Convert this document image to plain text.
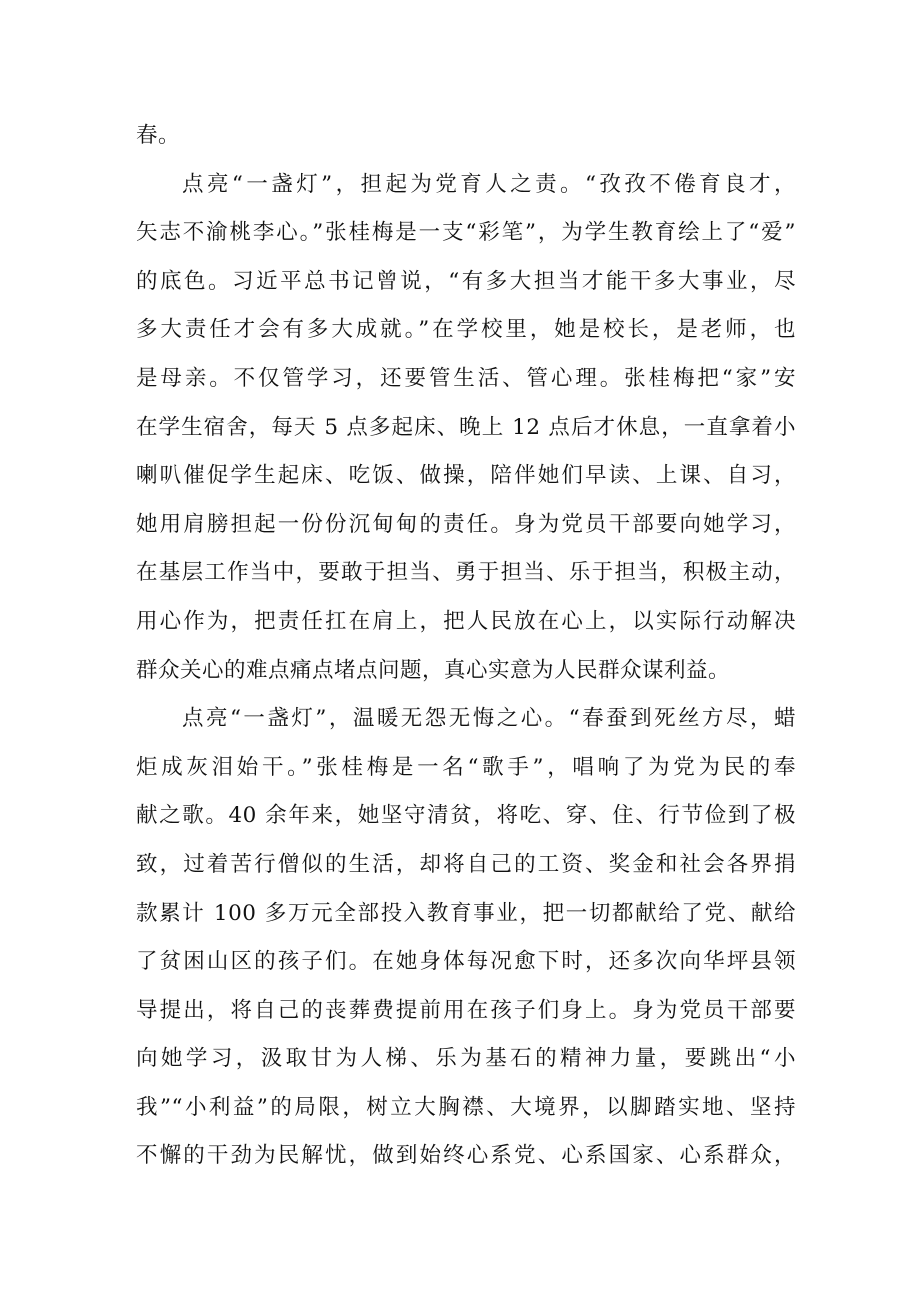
春。
点亮“一盏灯”，担起为党育人之责。“孜孜不倦育良才，
矢志不渝桃李心。”张桂梅是一支“彩笔”，为学生教育绘上了“爱”
的底色。习近平总书记曾说，“有多大担当才能干多大事业，尽
多大责任才会有多大成就。”在学校里，她是校长，是老师，也
是母亲。不仅管学习，还要管生活、管心理。张桂梅把“家”安
在学生宿舍，每天 5 点多起床、晚上 12 点后才休息，一直拿着小
喇叭催促学生起床、吃饭、做操，陪伴她们早读、上课、自习，
她用肩膀担起一份份沉甸甸的责任。身为党员干部要向她学习，
在基层工作当中，要敢于担当、勇于担当、乐于担当，积极主动，
用心作为，把责任扛在肩上，把人民放在心上，以实际行动解决
群众关心的难点痛点堵点问题，真心实意为人民群众谋利益。
点亮“一盏灯”，温暖无怨无悔之心。“春蚕到死丝方尽，蜡
炬成灰泪始干。”张桂梅是一名“歌手”，唱响了为党为民的奉
献之歌。40 余年来，她坚守清贫，将吃、穿、住、行节俭到了极
致，过着苦行僧似的生活，却将自己的工资、奖金和社会各界捐
款累计 100 多万元全部投入教育事业，把一切都献给了党、献给
了贫困山区的孩子们。在她身体每况愈下时，还多次向华坪县领
导提出，将自己的丧葬费提前用在孩子们身上。身为党员干部要
向她学习，汲取甘为人梯、乐为基石的精神力量，要跳出“小
我”“小利益”的局限，树立大胸襟、大境界，以脚踏实地、坚持
不懈的干劲为民解忧，做到始终心系党、心系国家、心系群众，
